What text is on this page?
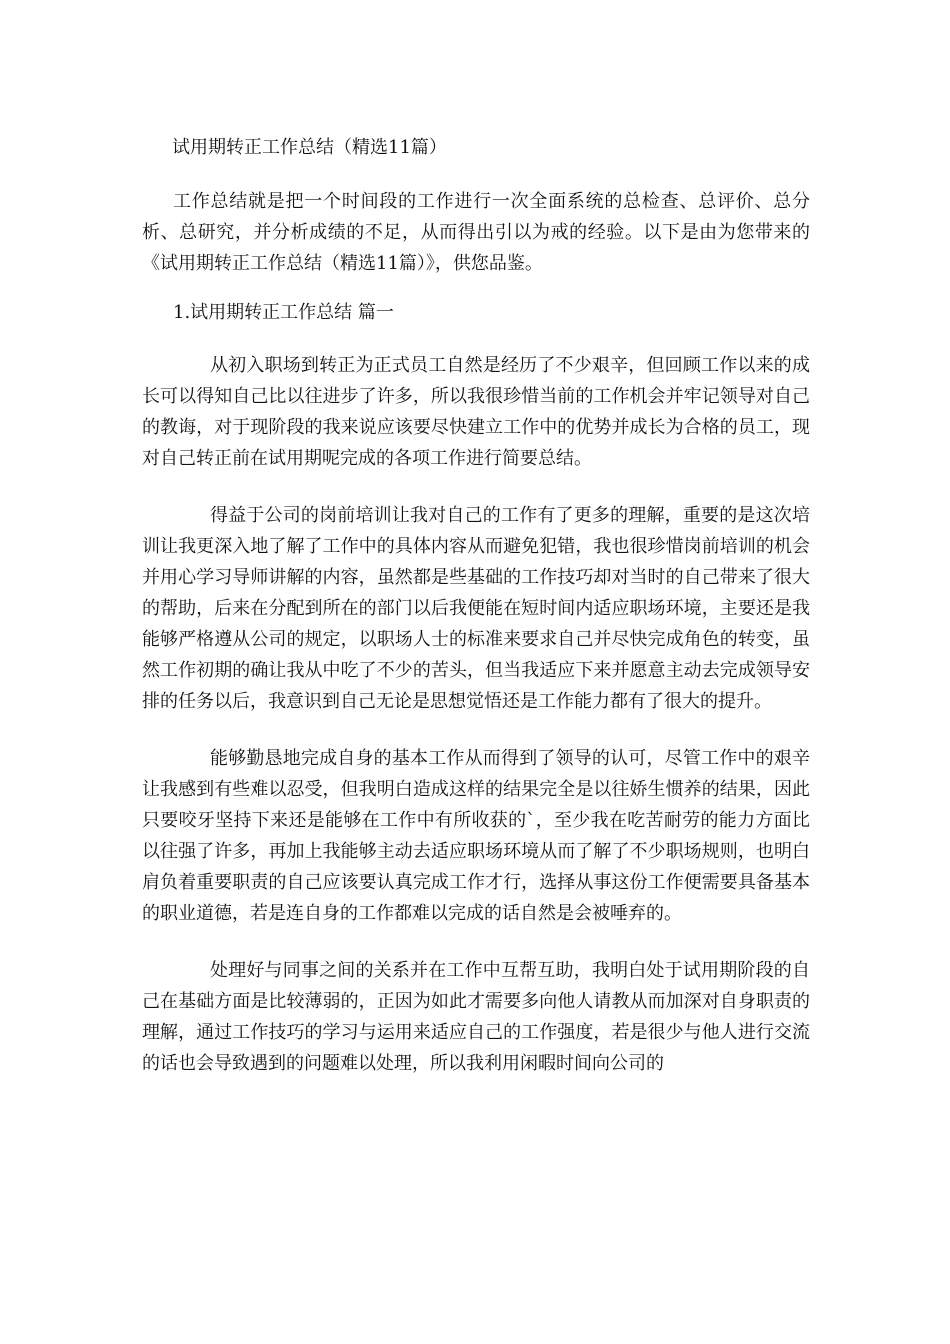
试用期转正工作总结（精选11篇）

工作总结就是把一个时间段的工作进行一次全面系统的总检查、总评价、总分析、总研究，并分析成绩的不足，从而得出引以为戒的经验。以下是由为您带来的《试用期转正工作总结（精选11篇）》，供您品鉴。

1.试用期转正工作总结 篇一

从初入职场到转正为正式员工自然是经历了不少艰辛，但回顾工作以来的成长可以得知自己比以往进步了许多，所以我很珍惜当前的工作机会并牢记领导对自己的教诲，对于现阶段的我来说应该要尽快建立工作中的优势并成长为合格的员工，现对自己转正前在试用期呢完成的各项工作进行简要总结。

得益于公司的岗前培训让我对自己的工作有了更多的理解，重要的是这次培训让我更深入地了解了工作中的具体内容从而避免犯错，我也很珍惜岗前培训的机会并用心学习导师讲解的内容，虽然都是些基础的工作技巧却对当时的自己带来了很大的帮助，后来在分配到所在的部门以后我便能在短时间内适应职场环境，主要还是我能够严格遵从公司的规定，以职场人士的标准来要求自己并尽快完成角色的转变，虽然工作初期的确让我从中吃了不少的苦头，但当我适应下来并愿意主动去完成领导安排的任务以后，我意识到自己无论是思想觉悟还是工作能力都有了很大的提升。

能够勤恳地完成自身的基本工作从而得到了领导的认可，尽管工作中的艰辛让我感到有些难以忍受，但我明白造成这样的结果完全是以往娇生惯养的结果，因此只要咬牙坚持下来还是能够在工作中有所收获的`，至少我在吃苦耐劳的能力方面比以往强了许多，再加上我能够主动去适应职场环境从而了解了不少职场规则，也明白肩负着重要职责的自己应该要认真完成工作才行，选择从事这份工作便需要具备基本的职业道德，若是连自身的工作都难以完成的话自然是会被唾弃的。

处理好与同事之间的关系并在工作中互帮互助，我明白处于试用期阶段的自己在基础方面是比较薄弱的，正因为如此才需要多向他人请教从而加深对自身职责的理解，通过工作技巧的学习与运用来适应自己的工作强度，若是很少与他人进行交流的话也会导致遇到的问题难以处理，所以我利用闲暇时间向公司的
